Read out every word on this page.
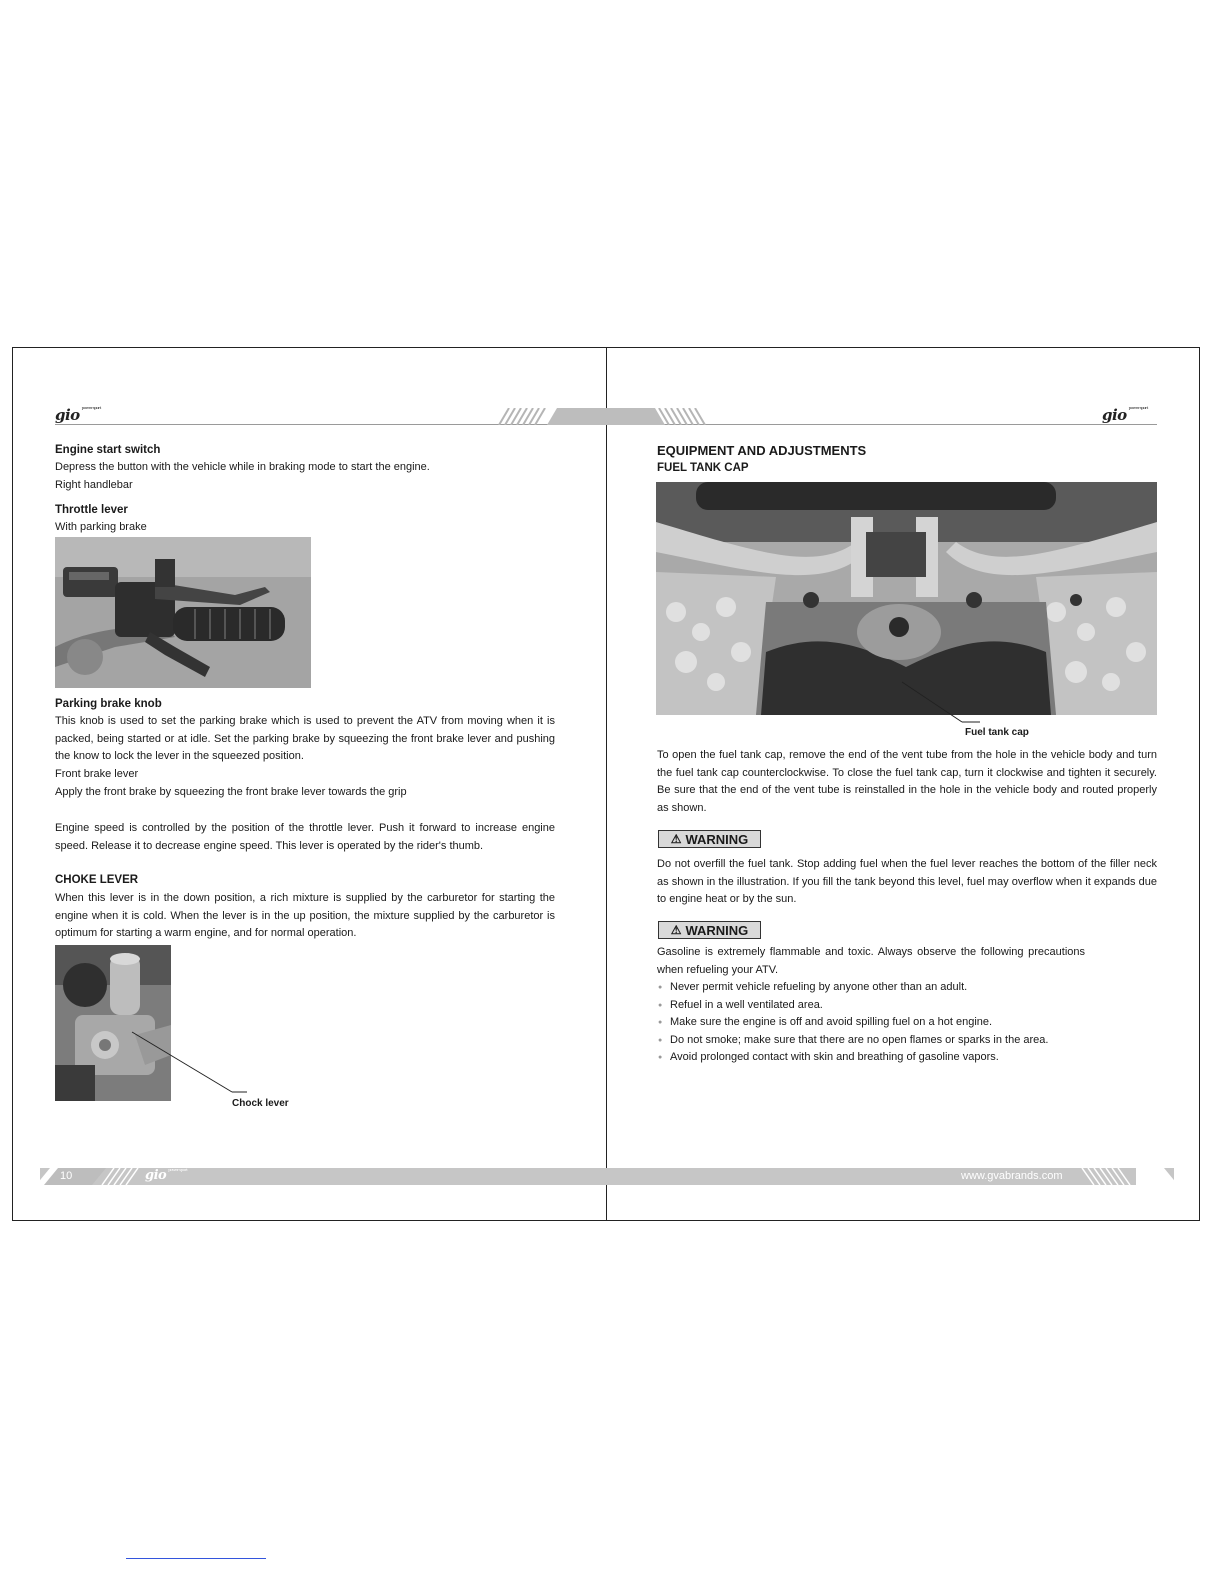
gio power sport	gio power sport
Engine start switch
Depress the button with the vehicle while in braking mode to start the engine.
Right handlebar
Throttle lever
With parking brake
Parking brake knob
This knob is used to set the parking brake which is used to prevent the ATV from moving when it is packed, being started or at idle. Set the parking brake by squeezing the front brake lever and pushing the know to lock the lever in the squeezed position.
Front brake lever
Apply the front brake by squeezing the front brake lever towards the grip
Engine speed is controlled by the position of the throttle lever. Push it forward to increase engine speed. Release it to decrease engine speed. This lever is operated by the rider's thumb.
CHOKE LEVER
When this lever is in the down position, a rich mixture is supplied by the carburetor for starting the engine when it is cold. When the lever is in the up position, the mixture supplied by the carburetor is optimum for starting a warm engine, and for normal operation.
Chock lever
EQUIPMENT AND ADJUSTMENTS
FUEL TANK CAP
Fuel tank cap
To open the fuel tank cap, remove the end of the vent tube from the hole in the vehicle body and turn the fuel tank cap counterclockwise. To close the fuel tank cap, turn it clockwise and tighten it securely. Be sure that the end of the vent tube is reinstalled in the hole in the vehicle body and routed properly as shown.
⚠ WARNING
Do not overfill the fuel tank. Stop adding fuel when the fuel lever reaches the bottom of the filler neck as shown in the illustration. If you fill the tank beyond this level, fuel may overflow when it expands due to engine heat or by the sun.
⚠ WARNING
Gasoline is extremely flammable and toxic. Always observe the following precautions when refueling your ATV.
● Never permit vehicle refueling by anyone other than an adult.
● Refuel in a well ventilated area.
● Make sure the engine is off and avoid spilling fuel on a hot engine.
● Do not smoke; make sure that there are no open flames or sparks in the area.
● Avoid prolonged contact with skin and breathing of gasoline vapors.
10	gio power sport
www.gvabrands.com	11
